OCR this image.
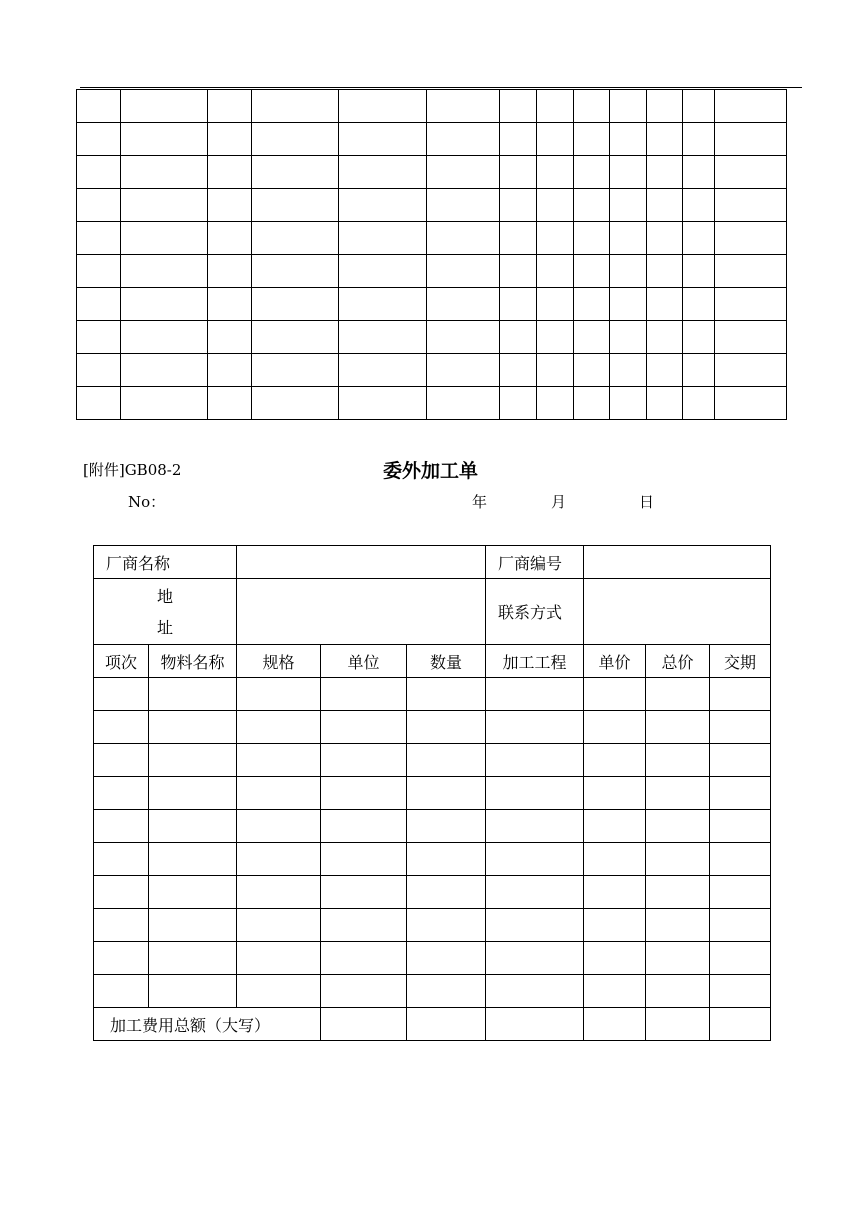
[附件]GB08-2	委外加工单
No：	年	月	日
厂商名称					厂商编号			

地
址					联系方式			
项次	物料名称	规格	单位	数量	加工工程	单价	总价	交期

加工费用总额（大写）								
